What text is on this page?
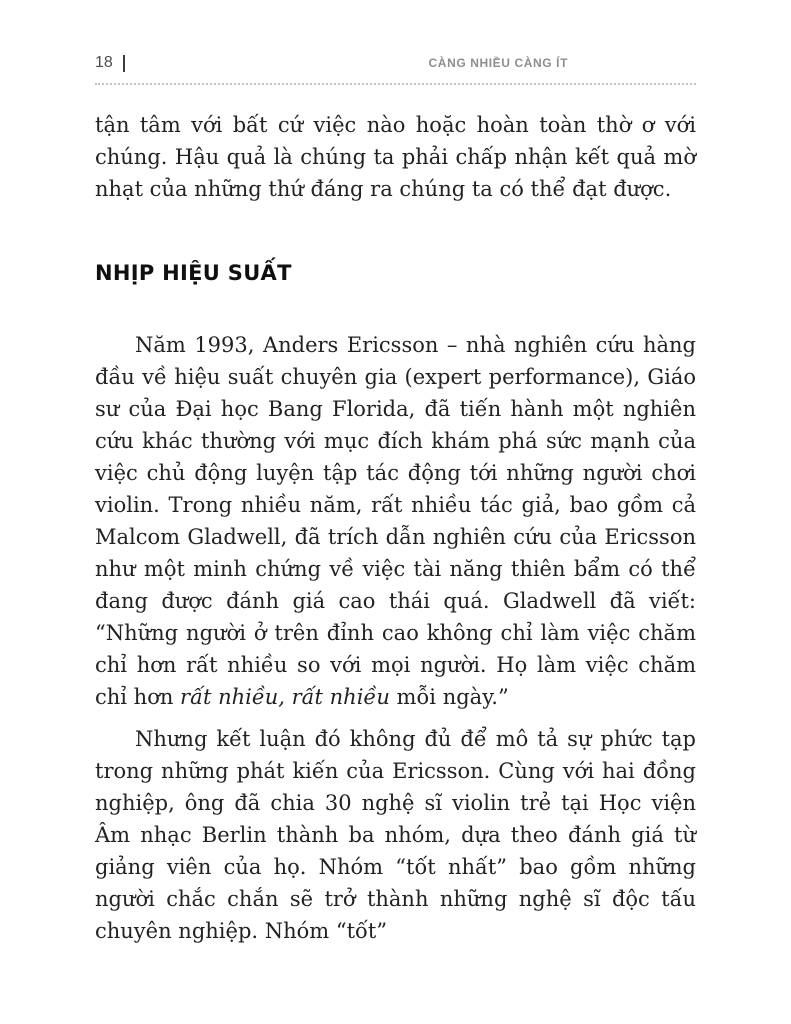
18	CÀNG NHIỀU CÀNG ÍT

tận tâm với bất cứ việc nào hoặc hoàn toàn thờ ơ với chúng. Hậu quả là chúng ta phải chấp nhận kết quả mờ nhạt của những thứ đáng ra chúng ta có thể đạt được.

NHỊP HIỆU SUẤT

Năm 1993, Anders Ericsson – nhà nghiên cứu hàng đầu về hiệu suất chuyên gia (expert performance), Giáo sư của Đại học Bang Florida, đã tiến hành một nghiên cứu khác thường với mục đích khám phá sức mạnh của việc chủ động luyện tập tác động tới những người chơi violin. Trong nhiều năm, rất nhiều tác giả, bao gồm cả Malcom Gladwell, đã trích dẫn nghiên cứu của Ericsson như một minh chứng về việc tài năng thiên bẩm có thể đang được đánh giá cao thái quá. Gladwell đã viết: “Những người ở trên đỉnh cao không chỉ làm việc chăm chỉ hơn rất nhiều so với mọi người. Họ làm việc chăm chỉ hơn rất nhiều, rất nhiều mỗi ngày.”

Nhưng kết luận đó không đủ để mô tả sự phức tạp trong những phát kiến của Ericsson. Cùng với hai đồng nghiệp, ông đã chia 30 nghệ sĩ violin trẻ tại Học viện Âm nhạc Berlin thành ba nhóm, dựa theo đánh giá từ giảng viên của họ. Nhóm “tốt nhất” bao gồm những người chắc chắn sẽ trở thành những nghệ sĩ độc tấu chuyên nghiệp. Nhóm “tốt”
